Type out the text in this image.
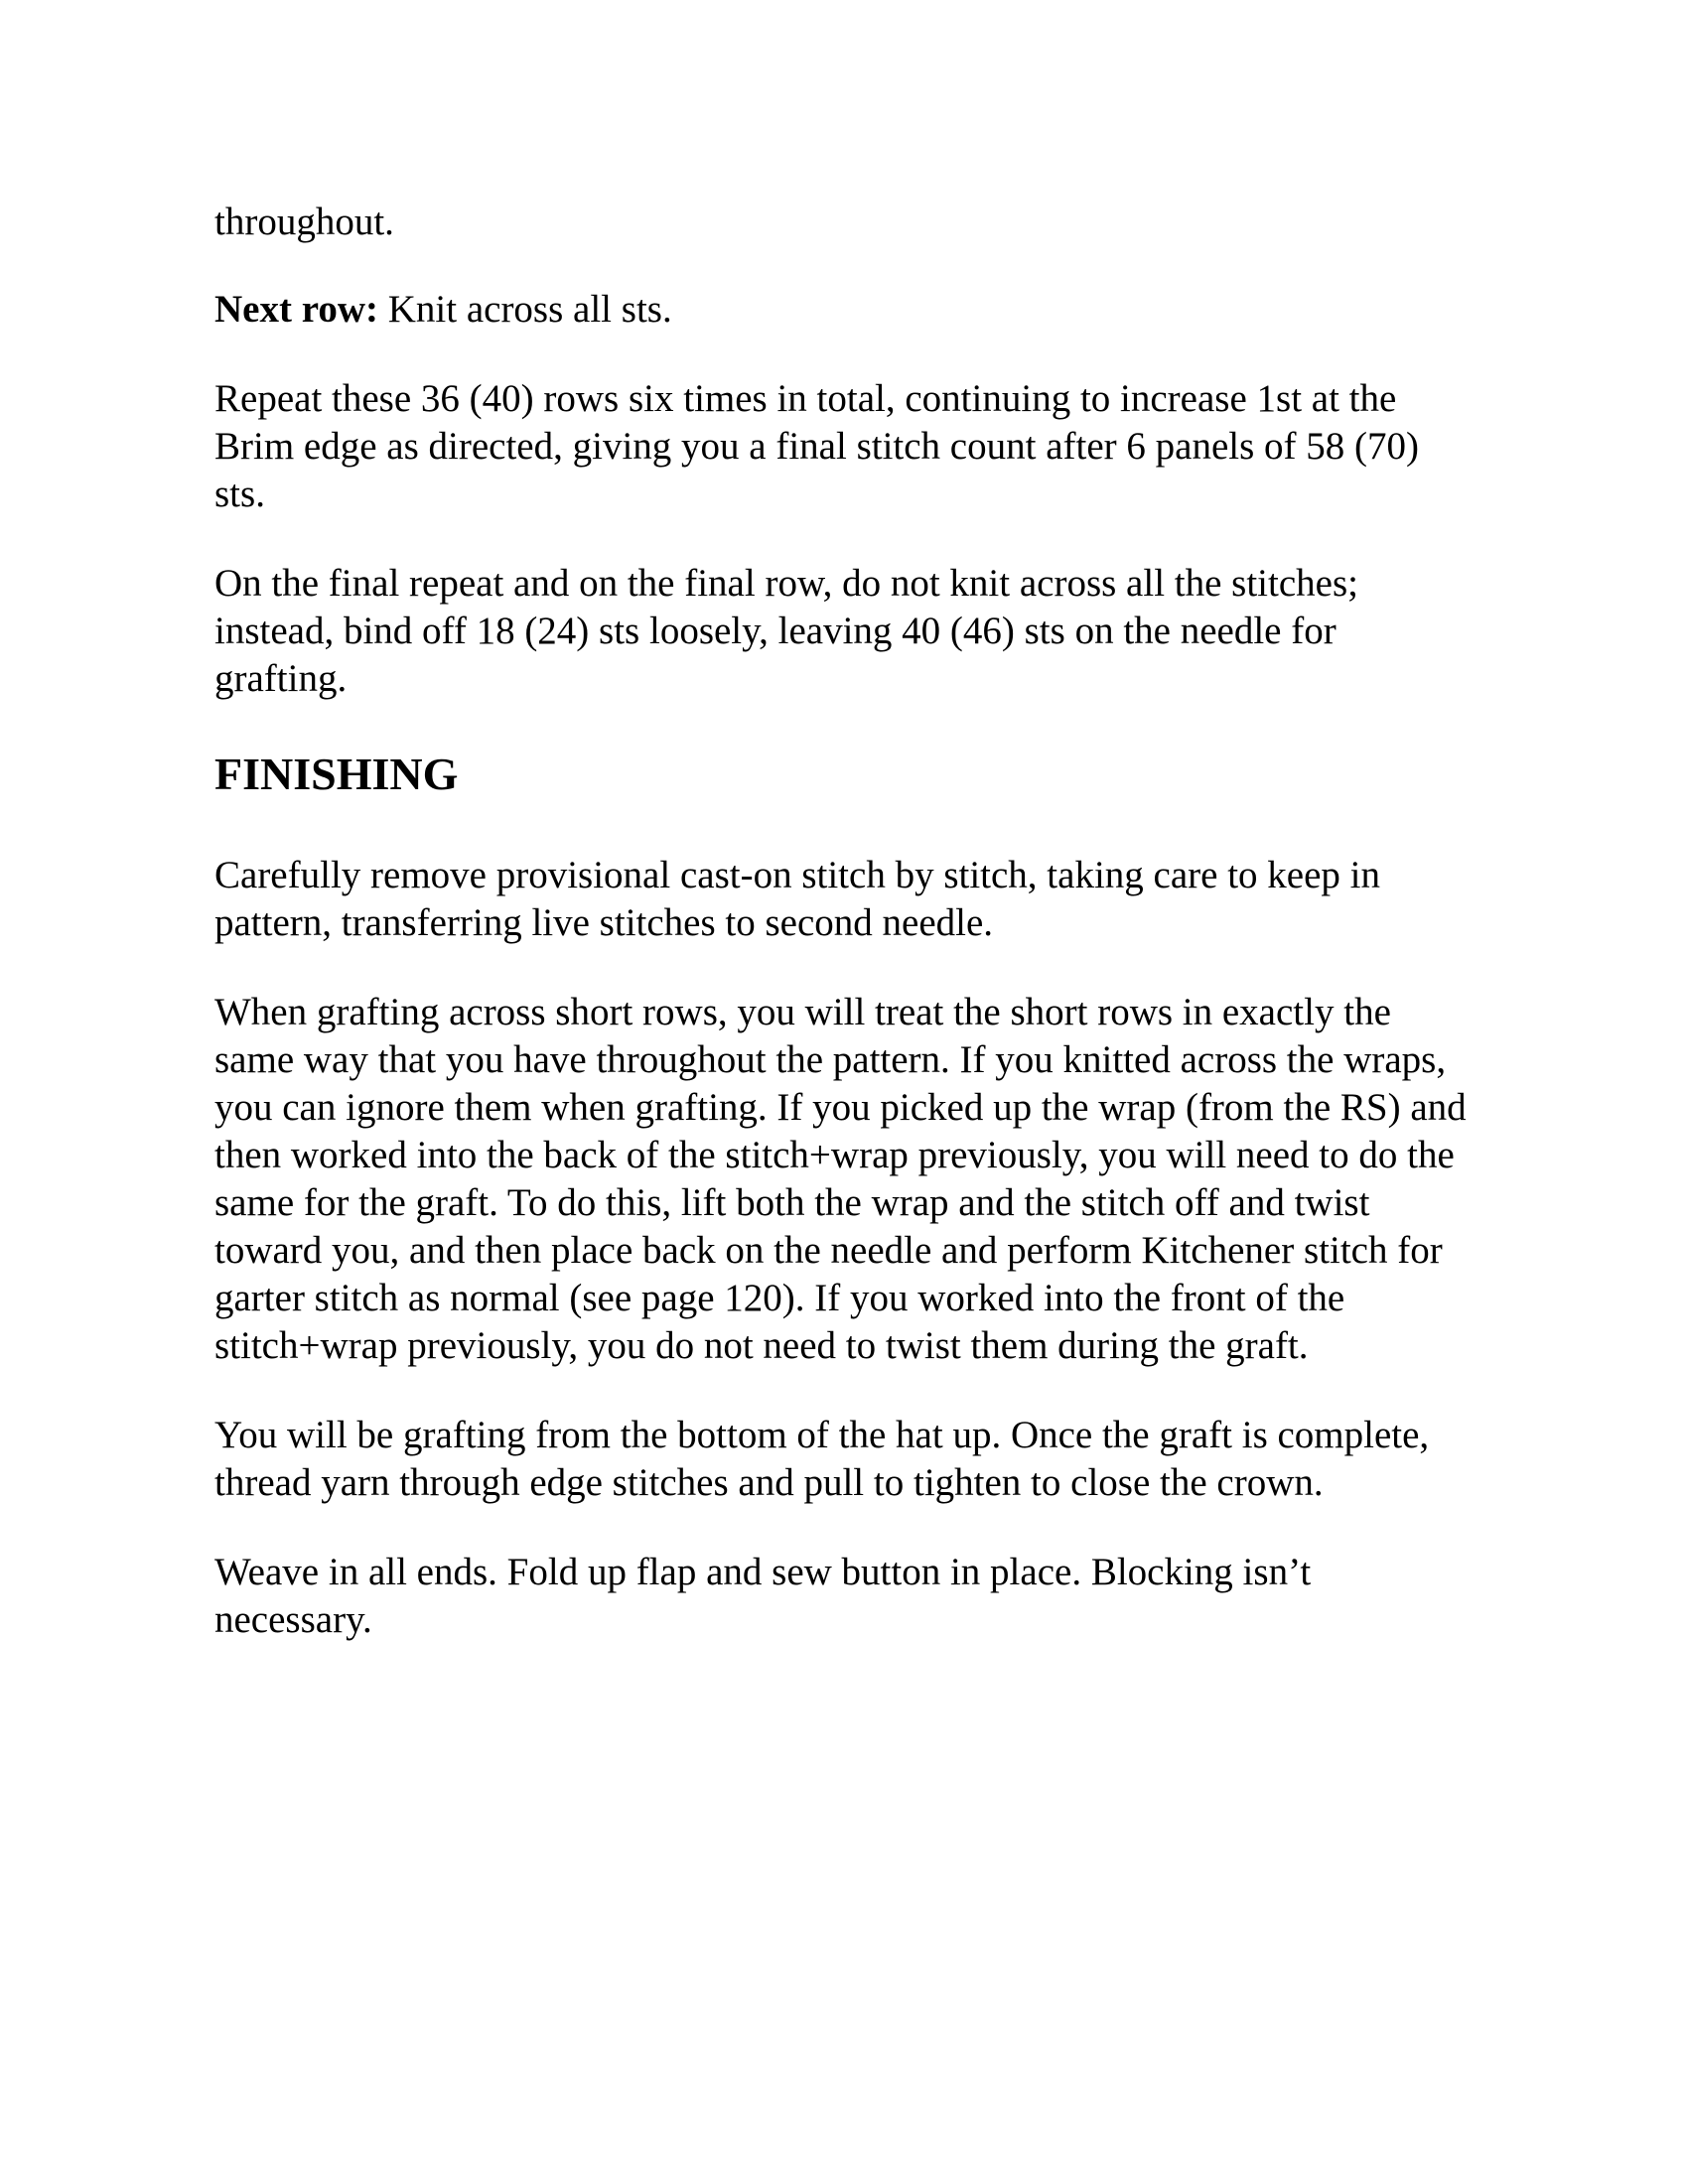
throughout.

Next row: Knit across all sts.

Repeat these 36 (40) rows six times in total, continuing to increase 1st at the Brim edge as directed, giving you a final stitch count after 6 panels of 58 (70) sts.

On the final repeat and on the final row, do not knit across all the stitches; instead, bind off 18 (24) sts loosely, leaving 40 (46) sts on the needle for grafting.

FINISHING

Carefully remove provisional cast-on stitch by stitch, taking care to keep in pattern, transferring live stitches to second needle.

When grafting across short rows, you will treat the short rows in exactly the same way that you have throughout the pattern. If you knitted across the wraps, you can ignore them when grafting. If you picked up the wrap (from the RS) and then worked into the back of the stitch+wrap previously, you will need to do the same for the graft. To do this, lift both the wrap and the stitch off and twist toward you, and then place back on the needle and perform Kitchener stitch for garter stitch as normal (see page 120). If you worked into the front of the stitch+wrap previously, you do not need to twist them during the graft.

You will be grafting from the bottom of the hat up. Once the graft is complete, thread yarn through edge stitches and pull to tighten to close the crown.

Weave in all ends. Fold up flap and sew button in place. Blocking isn’t necessary.
